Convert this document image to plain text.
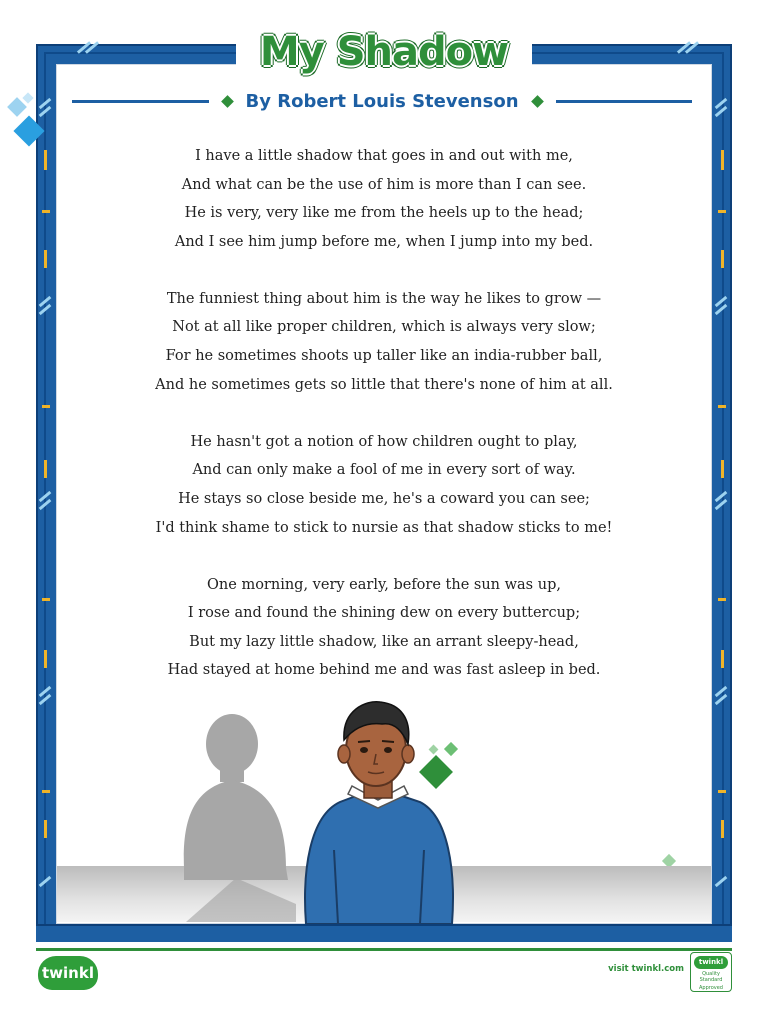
My Shadow
By Robert Louis Stevenson
I have a little shadow that goes in and out with me,
And what can be the use of him is more than I can see.
He is very, very like me from the heels up to the head;
And I see him jump before me, when I jump into my bed.
The funniest thing about him is the way he likes to grow —
Not at all like proper children, which is always very slow;
For he sometimes shoots up taller like an india-rubber ball,
And he sometimes gets so little that there's none of him at all.
He hasn't got a notion of how children ought to play,
And can only make a fool of me in every sort of way.
He stays so close beside me, he's a coward you can see;
I'd think shame to stick to nursie as that shadow sticks to me!
One morning, very early, before the sun was up,
I rose and found the shining dew on every buttercup;
But my lazy little shadow, like an arrant sleepy-head,
Had stayed at home behind me and was fast asleep in bed.
twinkl	visit twinkl.com
twinkl
Quality Standard
Approved
